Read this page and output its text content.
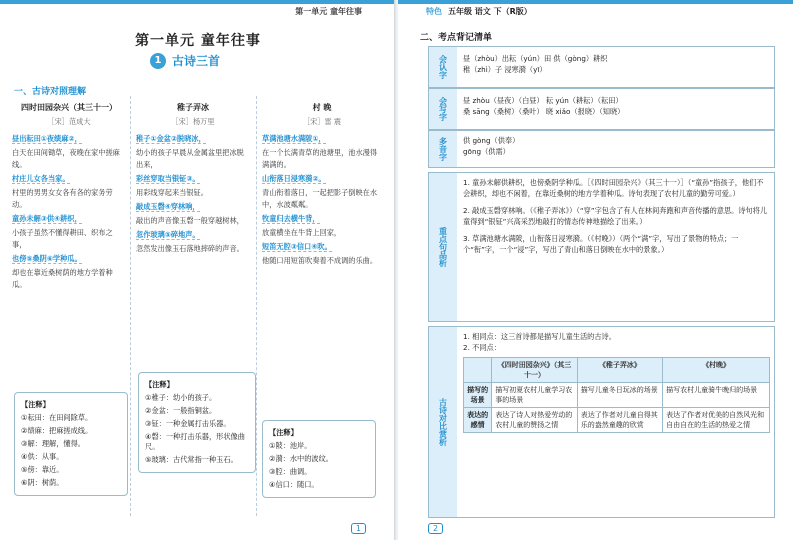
第一单元 童年往事
第一单元 童年往事
1 古诗三首
一、古诗对照理解
四时田园杂兴（其三十一）
［宋］范成大
昼出耘田①夜绩麻②，
白天在田间锄草，夜晚在家中搓麻线。
村庄儿女各当家。
村里的男男女女各有各的家务劳动。
童孙未解③供④耕织，
小孩子虽然不懂得耕田、织布之事，
也傍⑤桑阴⑥学种瓜。
却也在靠近桑树荫的地方学着种瓜。
稚子弄冰
［宋］杨万里
稚子①金盆②脱晓冰，
幼小的孩子早晨从金属盆里把冰脱出来，
彩丝穿取当银钲③。
用彩线穿起来当银钲。
敲成玉磬④穿林响，
敲出的声音像玉磬一般穿越树林，
忽作玻璃⑤碎地声。
忽然发出像玉石落地摔碎的声音。
村 晚
［宋］雷 震
草满池塘水满陂①，
在一个长满青草的池塘里，池水漫得满满的。
山衔落日浸寒漪②。
青山衔着落日，一起把影子倒映在水中，水波粼粼。
牧童归去横牛背，
放童横坐在牛背上回家，
短笛无腔③信口④吹。
他随口用短笛吹奏着不成调的乐曲。
【注释】
①耘田：在田间除草。
②绩麻：把麻搓成线。
③解：理解，懂得。
④供：从事。
⑤傍：靠近。
⑥阴：树荫。
【注释】
①稚子：幼小的孩子。
②金盆：一般指铜盆。
③钲：一种金属打击乐器。
④磬：一种打击乐器，形状像曲尺。
⑤玻璃：古代常指一种玉石。
【注释】
①陂：池岸。
②漪：水中的波纹。
③腔：曲调。
④信口：随口。
1
特色 五年级 语文 下（R版）
二、考点背记清单
会认字	昼（zhòu）出耘（yún）田 供（gòng）耕织
稚（zhì）子 浸寒漪（yī）
会写字	昼 zhòu（昼夜）（白昼） 耘 yún（耕耘）（耘田）
桑 sāng（桑树）（桑叶） 晓 xiǎo（报晓）（知晓）
多音字	供 gòng（供奉）
gōng（供需）
重点句品析
1. 童孙未解供耕织，也傍桑阴学种瓜。［《四时田园杂兴》（其三十一）］（“童孙”指孩子，他们不会耕织，却也不闲着，在靠近桑树的地方学着种瓜。诗句表现了农村儿童的勤劳可爱。）
2. 敲成玉磬穿林响。（《稚子弄冰》）（“穿”字包含了有人在林间奔跑和声音传播的意思。诗句将儿童得到“银钲”兴高采烈地敲打的情态传神地描绘了出来。）
3. 草满池塘水满陂，山衔落日浸寒漪。（《村晚》）（两个“满”字，写出了景物的特点；一个“衔”字，一个“浸”字，写出了青山和落日倒映在水中的景象。）
古诗对比赏析
1. 相同点：这三首诗都是描写儿童生活的古诗。
2. 不同点：
	《四时田园杂兴》（其三十一）	《稚子弄冰》	《村晚》
描写的场景	描写初夏农村儿童学习农事的场景	描写儿童冬日玩冰的场景	描写农村儿童骑牛晚归的场景
表达的感情	表达了诗人对热爱劳动的农村儿童的赞扬之情	表达了作者对儿童自得其乐的盎然童趣的欣赏	表达了作者对优美的自然风光和自由自在的生活的热爱之情
2
